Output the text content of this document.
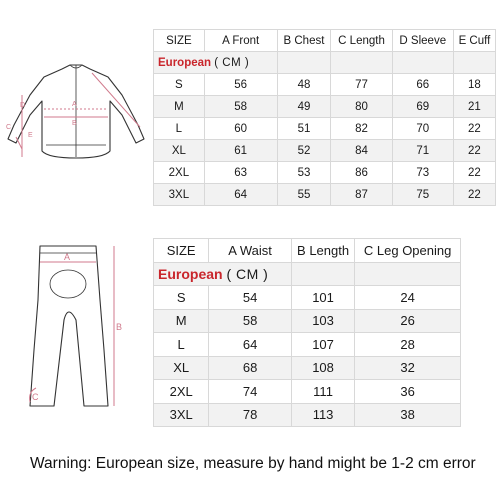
A
B
C
D
E
SIZE	A Front	B Chest	C Length	D Sleeve	E Cuff
European ( CM )					
S	56	48	77	66	18
M	58	49	80	69	21
L	60	51	82	70	22
XL	61	52	84	71	22
2XL	63	53	86	73	22
3XL	64	55	87	75	22
A
B
C
SIZE	A Waist	B Length	C Leg Opening
European ( CM )			
S	54	101	24
M	58	103	26
L	64	107	28
XL	68	108	32
2XL	74	111	36
3XL	78	113	38
Warning: European size, measure by hand might be 1-2 cm error
